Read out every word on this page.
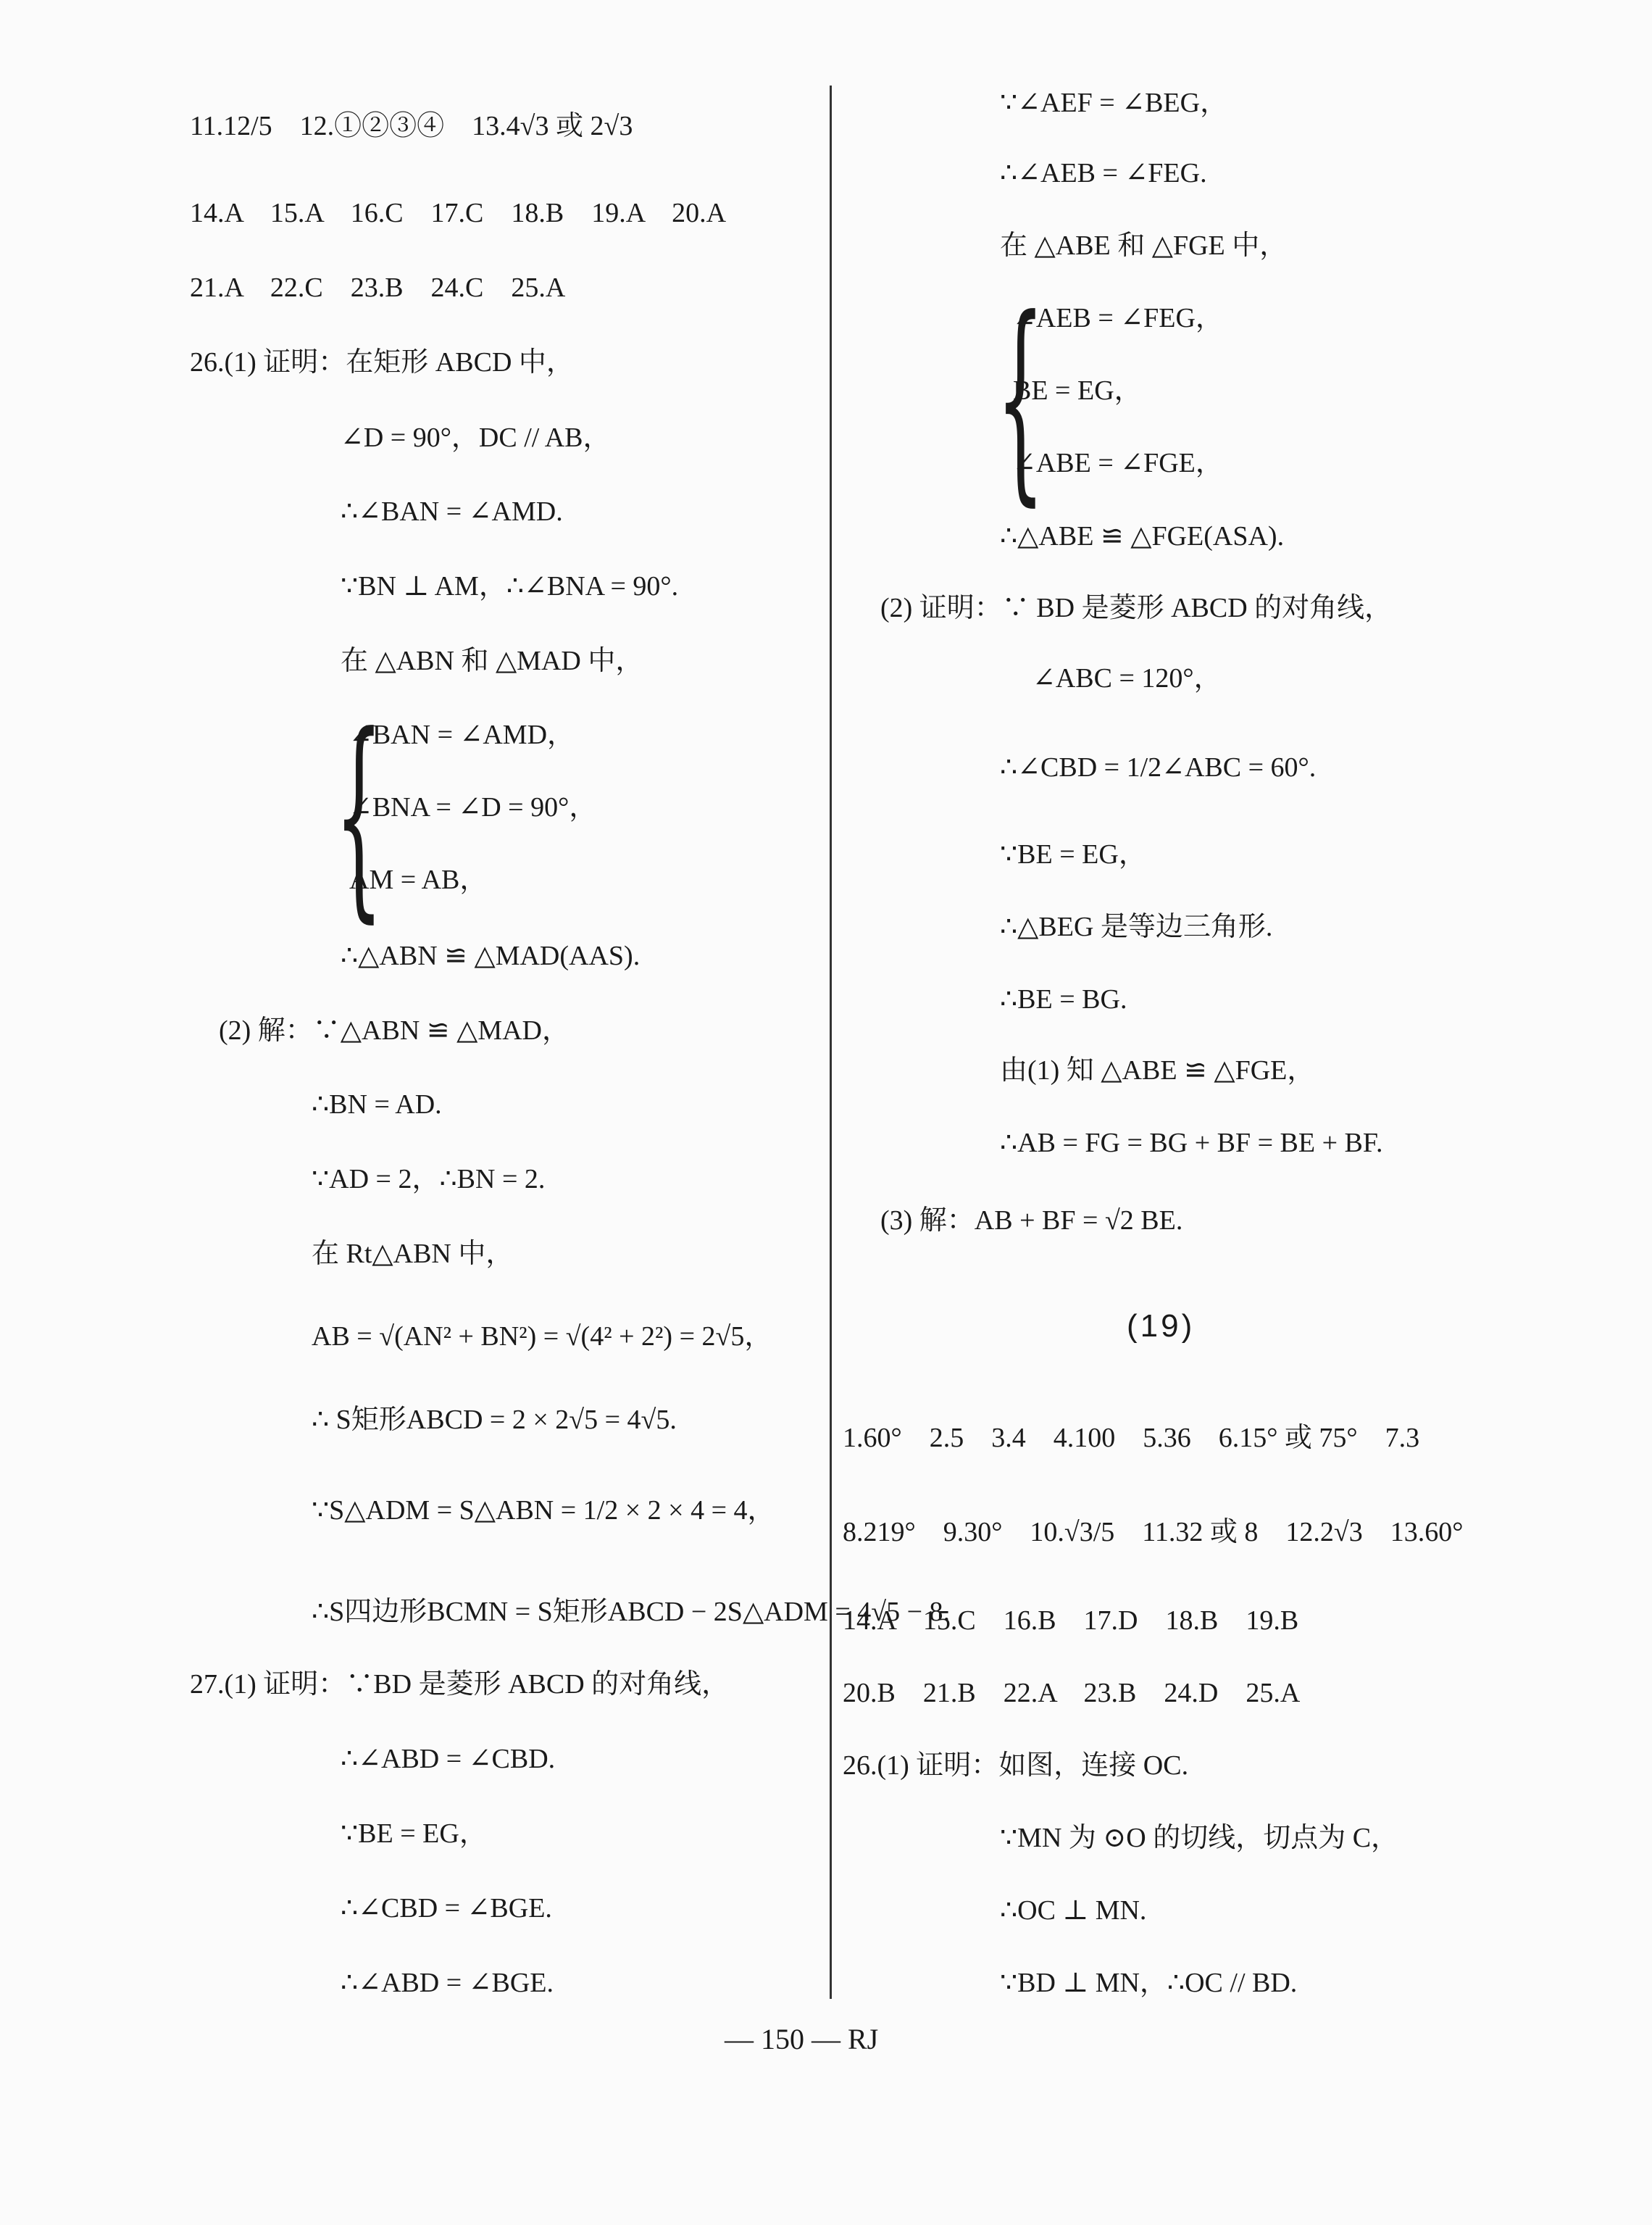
11.12/5　12.①②③④　13.4√3 或 2√3
14.A　15.A　16.C　17.C　18.B　19.A　20.A
21.A　22.C　23.B　24.C　25.A
26.(1) 证明：在矩形 ABCD 中，
∠D = 90°，DC // AB，
∴∠BAN = ∠AMD.
∵BN ⊥ AM，∴∠BNA = 90°.
在 △ABN 和 △MAD 中，
{
∠BAN = ∠AMD，
∠BNA = ∠D = 90°，
AM = AB，
∴△ABN ≌ △MAD(AAS).
(2) 解：∵△ABN ≌ △MAD，
∴BN = AD.
∵AD = 2，∴BN = 2.
在 Rt△ABN 中，
AB = √(AN² + BN²) = √(4² + 2²) = 2√5，
∴ S矩形ABCD = 2 × 2√5 = 4√5.
∵S△ADM = S△ABN = 1/2 × 2 × 4 = 4，
∴S四边形BCMN = S矩形ABCD − 2S△ADM = 4√5 − 8.
27.(1) 证明：∵BD 是菱形 ABCD 的对角线，
∴∠ABD = ∠CBD.
∵BE = EG，
∴∠CBD = ∠BGE.
∴∠ABD = ∠BGE.
∵∠AEF = ∠BEG，
∴∠AEB = ∠FEG.
在 △ABE 和 △FGE 中，
{
∠AEB = ∠FEG，
BE = EG，
∠ABE = ∠FGE，
∴△ABE ≌ △FGE(ASA).
(2) 证明：∵ BD 是菱形 ABCD 的对角线，
∠ABC = 120°，
∴∠CBD = 1/2∠ABC = 60°.
∵BE = EG，
∴△BEG 是等边三角形.
∴BE = BG.
由(1) 知 △ABE ≌ △FGE，
∴AB = FG = BG + BF = BE + BF.
(3) 解：AB + BF = √2 BE.
(19)
1.60°　2.5　3.4　4.100　5.36　6.15° 或 75°　7.3
8.219°　9.30°　10.√3/5　11.32 或 8　12.2√3　13.60°
14.A　15.C　16.B　17.D　18.B　19.B
20.B　21.B　22.A　23.B　24.D　25.A
26.(1) 证明：如图，连接 OC.
∵MN 为 ⊙O 的切线，切点为 C，
∴OC ⊥ MN.
∵BD ⊥ MN，∴OC // BD.
— 150 — RJ
